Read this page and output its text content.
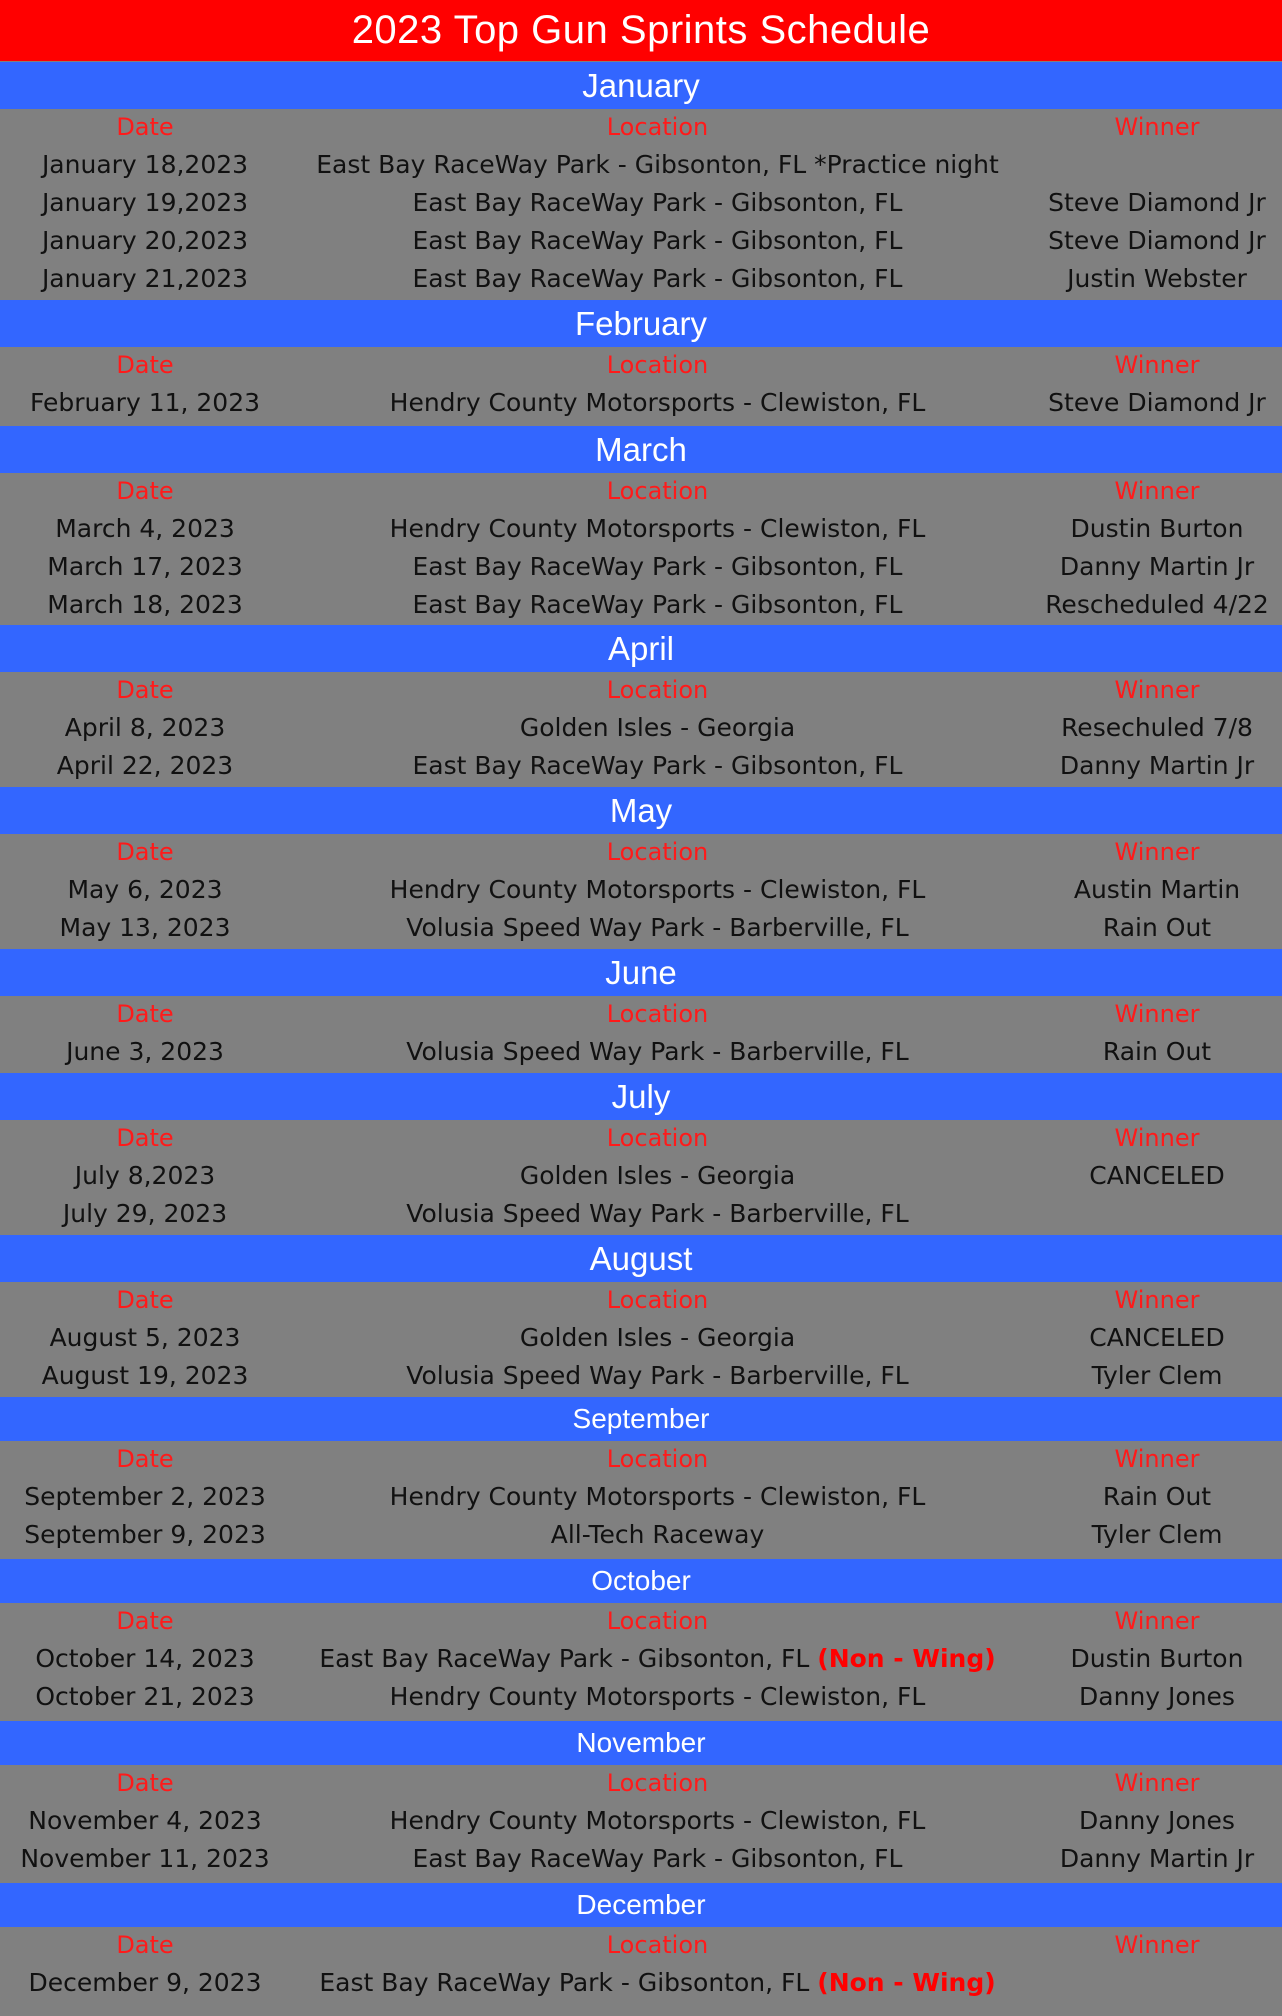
2023 Top Gun Sprints Schedule
January
Date	Location	Winner
January 18,2023	East Bay RaceWay Park - Gibsonton, FL *Practice night
January 19,2023	East Bay RaceWay Park - Gibsonton, FL	Steve Diamond Jr
January 20,2023	East Bay RaceWay Park - Gibsonton, FL	Steve Diamond Jr
January 21,2023	East Bay RaceWay Park - Gibsonton, FL	Justin Webster
February
Date	Location	Winner
February 11, 2023	Hendry County Motorsports - Clewiston, FL	Steve Diamond Jr
March
Date	Location	Winner
March 4, 2023	Hendry County Motorsports - Clewiston, FL	Dustin Burton
March 17, 2023	East Bay RaceWay Park - Gibsonton, FL	Danny Martin Jr
March 18, 2023	East Bay RaceWay Park - Gibsonton, FL	Rescheduled 4/22
April
Date	Location	Winner
April 8, 2023	Golden Isles - Georgia	Resechuled 7/8
April 22, 2023	East Bay RaceWay Park - Gibsonton, FL	Danny Martin Jr
May
Date	Location	Winner
May 6, 2023	Hendry County Motorsports - Clewiston, FL	Austin Martin
May 13, 2023	Volusia Speed Way Park - Barberville, FL	Rain Out
June
Date	Location	Winner
June 3, 2023	Volusia Speed Way Park - Barberville, FL	Rain Out
July
Date	Location	Winner
July 8,2023	Golden Isles - Georgia	CANCELED
July 29, 2023	Volusia Speed Way Park - Barberville, FL
August
Date	Location	Winner
August 5, 2023	Golden Isles - Georgia	CANCELED
August 19, 2023	Volusia Speed Way Park - Barberville, FL	Tyler Clem
September
Date	Location	Winner
September 2, 2023	Hendry County Motorsports - Clewiston, FL	Rain Out
September 9, 2023	All-Tech Raceway	Tyler Clem
October
Date	Location	Winner
October 14, 2023	East Bay RaceWay Park - Gibsonton, FL (Non - Wing)	Dustin Burton
October 21, 2023	Hendry County Motorsports - Clewiston, FL	Danny Jones
November
Date	Location	Winner
November 4, 2023	Hendry County Motorsports - Clewiston, FL	Danny Jones
November 11, 2023	East Bay RaceWay Park - Gibsonton, FL	Danny Martin Jr
December
Date	Location	Winner
December 9, 2023	East Bay RaceWay Park - Gibsonton, FL (Non - Wing)
